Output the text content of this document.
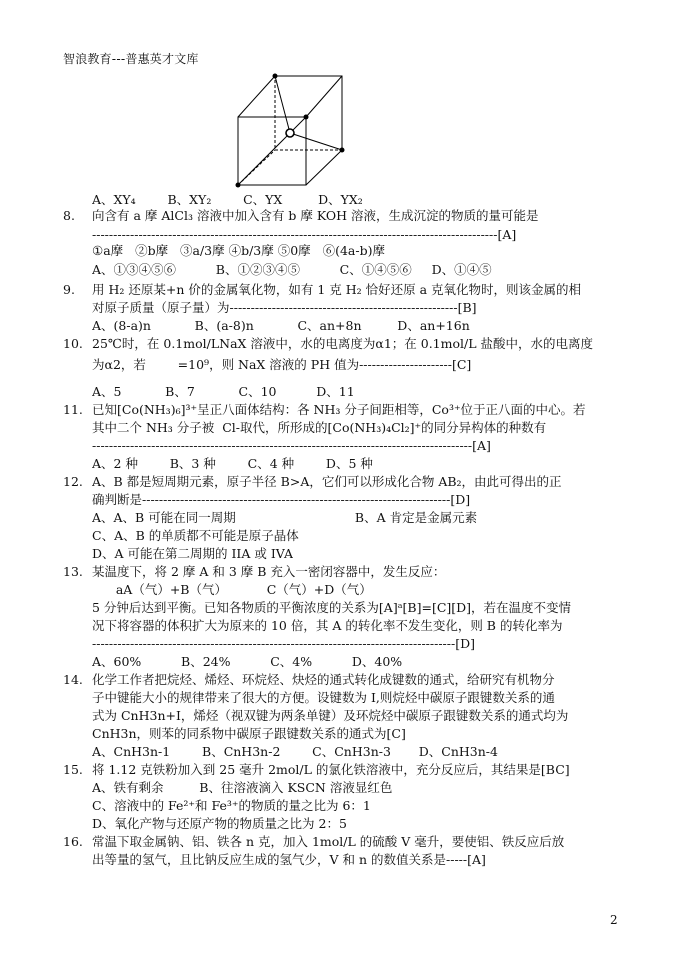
智浪教育---普惠英才文库
A、XY₄        B、XY₂        C、YX         D、YX₂
8. 向含有 a 摩 AlCl₃ 溶液中加入含有 b 摩 KOH 溶液，生成沉淀的物质的量可能是
------------------------------------------------------------------------------------------------[A]
①a摩   ②b摩   ③a/3摩 ④b/3摩 ⑤0摩   ⑥(4a-b)摩
A、①③④⑤⑥          B、①②③④⑤          C、①④⑤⑥     D、①④⑤
9. 用 H₂ 还原某+n 价的金属氧化物，如有 1 克 H₂ 恰好还原 a 克氧化物时，则该金属的相
对原子质量（原子量）为------------------------------------------------------[B]
A、(8-a)n           B、(a-8)n           C、an+8n         D、an+16n
10. 25℃时，在 0.1mol/LNaX 溶液中，水的电离度为α1；在 0.1mol/L 盐酸中，水的电离度
为α2，若        =10⁹，则 NaX 溶液的 PH 值为----------------------[C]
A、5           B、7           C、10          D、11
11. 已知[Co(NH₃)₆]³⁺呈正八面体结构：各 NH₃ 分子间距相等，Co³⁺位于正八面的中心。若
其中二个 NH₃ 分子被  Cl-取代，所形成的[Co(NH₃)₄Cl₂]⁺的同分异构体的种数有
------------------------------------------------------------------------------------------[A]
A、2 种        B、3 种        C、4 种        D、5 种
12. A、B 都是短周期元素，原子半径 B>A，它们可以形成化合物 AB₂，由此可得出的正
确判断是-------------------------------------------------------------------------[D]
A、A、B 可能在同一周期                              B、A 肯定是金属元素
C、A、B 的单质都不可能是原子晶体
D、A 可能在第二周期的 IIA 或 IVA
13. 某温度下，将 2 摩 A 和 3 摩 B 充入一密闭容器中，发生反应：
aA（气）+B（气）          C（气）+D（气）
5 分钟后达到平衡。已知各物质的平衡浓度的关系为[A]ᵃ[B]=[C][D]，若在温度不变情
况下将容器的体积扩大为原来的 10 倍，其 A 的转化率不发生变化，则 B 的转化率为
--------------------------------------------------------------------------------------[D]
A、60%          B、24%          C、4%          D、40%
14. 化学工作者把烷烃、烯烃、环烷烃、炔烃的通式转化成键数的通式，给研究有机物分
子中键能大小的规律带来了很大的方便。设键数为 I,则烷烃中碳原子跟键数关系的通
式为 CnH3n+I，烯烃（视双键为两条单键）及环烷烃中碳原子跟键数关系的通式均为
CnH3n，则苯的同系物中碳原子跟键数关系的通式为[C]
A、CnH3n-1        B、CnH3n-2        C、CnH3n-3       D、CnH3n-4
15. 将 1.12 克铁粉加入到 25 毫升 2mol/L 的氯化铁溶液中，充分反应后，其结果是[BC]
A、铁有剩余         B、往溶液滴入 KSCN 溶液显红色
C、溶液中的 Fe²⁺和 Fe³⁺的物质的量之比为 6：1
D、氧化产物与还原产物的物质量之比为 2：5
16. 常温下取金属钠、铝、铁各 n 克，加入 1mol/L 的硫酸 V 毫升，要使铝、铁反应后放
出等量的氢气，且比钠反应生成的氢气少，V 和 n 的数值关系是-----[A]
2
